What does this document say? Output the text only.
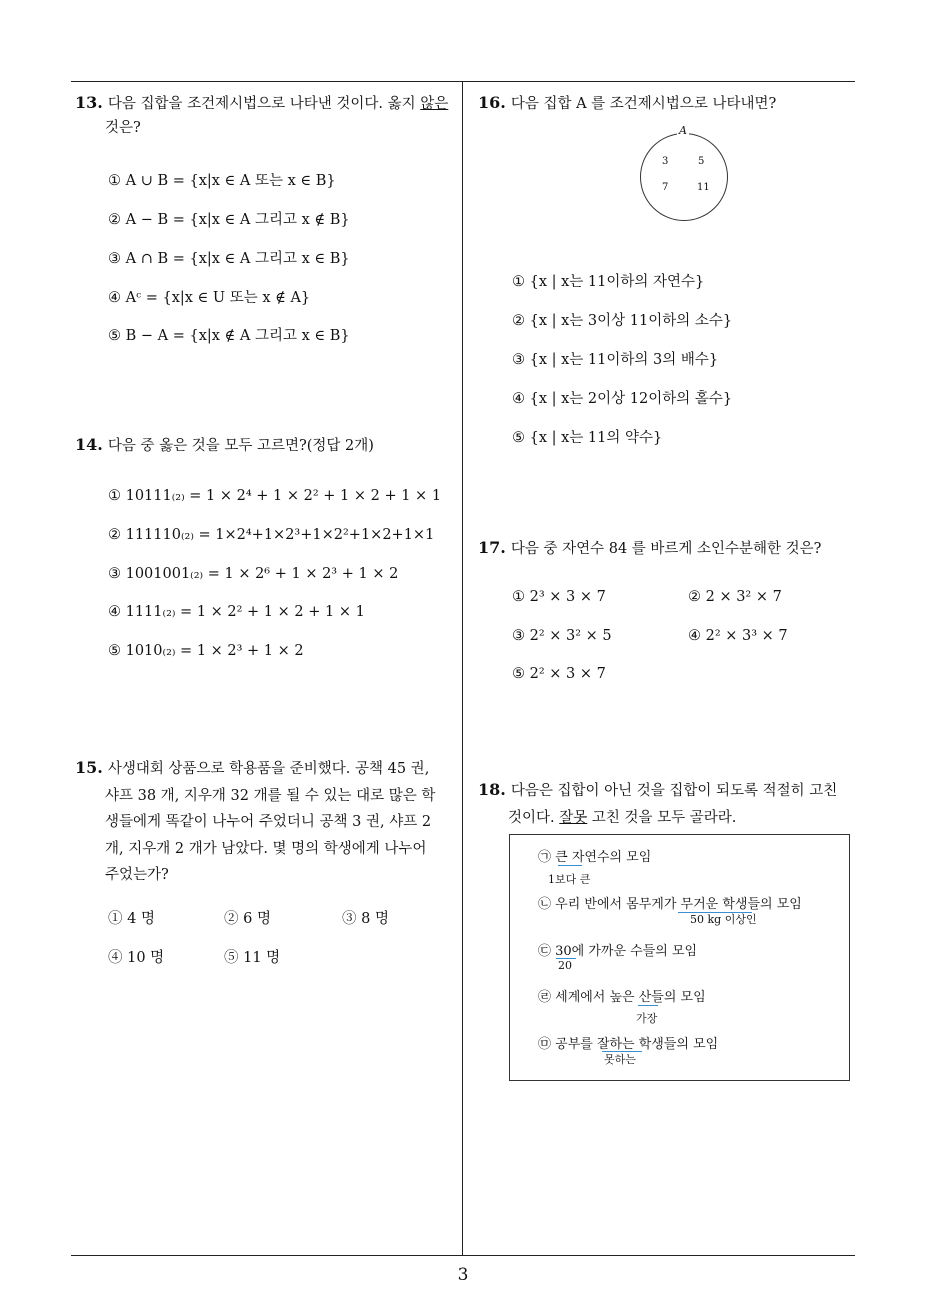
13. 다음 집합을 조건제시법으로 나타낸 것이다. 옳지 않은
것은?
① A ∪ B = {x|x ∈ A 또는 x ∈ B}
② A − B = {x|x ∈ A 그리고 x ∉ B}
③ A ∩ B = {x|x ∈ A 그리고 x ∈ B}
④ Aᶜ = {x|x ∈ U 또는 x ∉ A}
⑤ B − A = {x|x ∉ A 그리고 x ∈ B}
14. 다음 중 옳은 것을 모두 고르면?(정답 2개)
① 10111₍₂₎ = 1 × 2⁴ + 1 × 2² + 1 × 2 + 1 × 1
② 111110₍₂₎ = 1×2⁴+1×2³+1×2²+1×2+1×1
③ 1001001₍₂₎ = 1 × 2⁶ + 1 × 2³ + 1 × 2
④ 1111₍₂₎ = 1 × 2² + 1 × 2 + 1 × 1
⑤ 1010₍₂₎ = 1 × 2³ + 1 × 2
15. 사생대회 상품으로 학용품을 준비했다. 공책 45 권,
샤프 38 개, 지우개 32 개를 될 수 있는 대로 많은 학
생들에게 똑같이 나누어 주었더니 공책 3 권, 샤프 2
개, 지우개 2 개가 남았다. 몇 명의 학생에게 나누어
주었는가?
① 4 명	② 6 명	③ 8 명
④ 10 명	⑤ 11 명
16. 다음 집합 A 를 조건제시법으로 나타내면?
A
3	5
7	11
① {x | x는 11이하의 자연수}
② {x | x는 3이상 11이하의 소수}
③ {x | x는 11이하의 3의 배수}
④ {x | x는 2이상 12이하의 홀수}
⑤ {x | x는 11의 약수}
17. 다음 중 자연수 84 를 바르게 소인수분해한 것은?
① 2³ × 3 × 7	② 2 × 3² × 7
③ 2² × 3² × 5	④ 2² × 3³ × 7
⑤ 2² × 3 × 7
18. 다음은 집합이 아닌 것을 집합이 되도록 적절히 고친
것이다. 잘못 고친 것을 모두 골라라.
㉠ 큰 자연수의 모임
1보다 큰
㉡ 우리 반에서 몸무게가 무거운 학생들의 모임
50 kg 이상인
㉢ 30에 가까운 수들의 모임
20
㉣ 세계에서 높은 산들의 모임
가장
㉤ 공부를 잘하는 학생들의 모임
못하는
3
